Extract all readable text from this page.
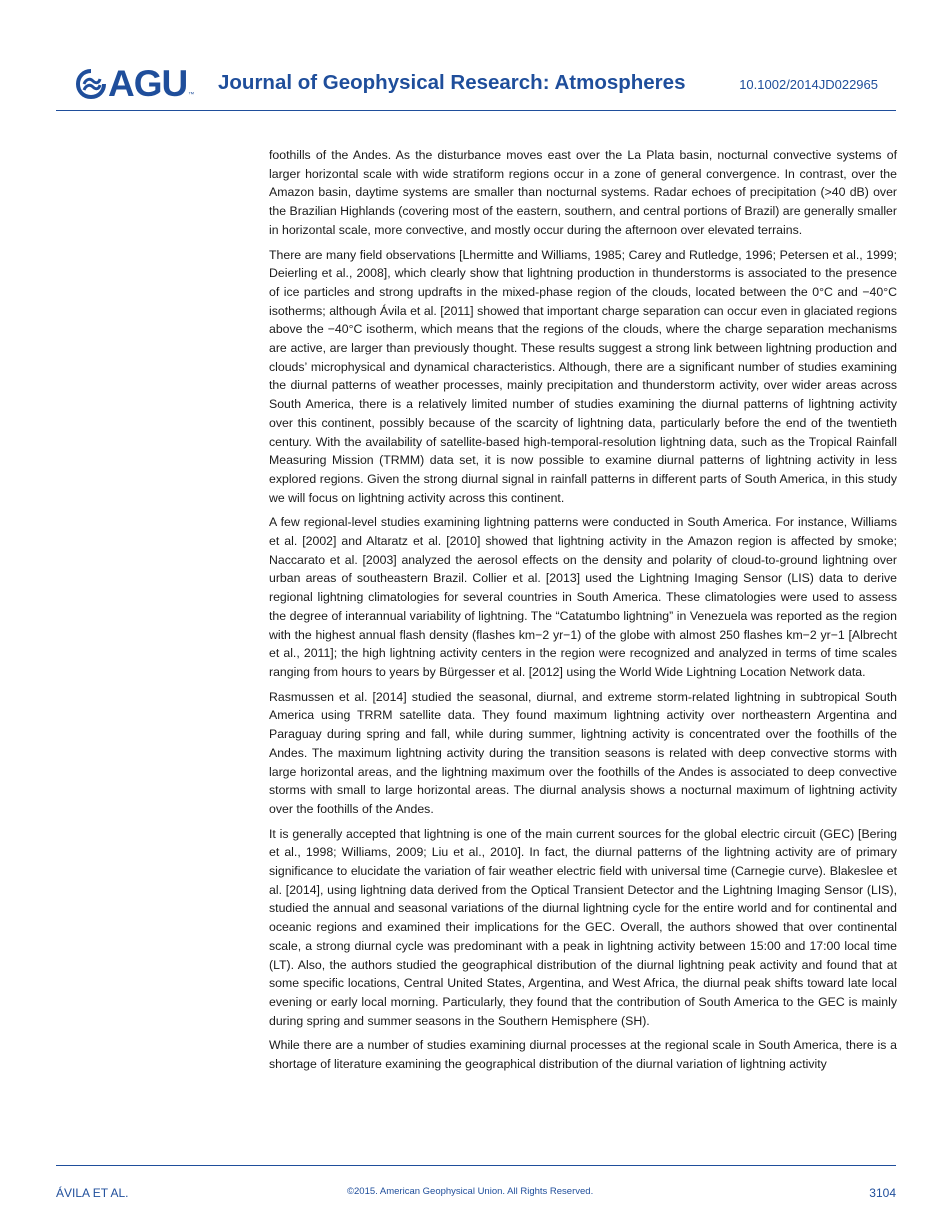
AGU ™
Journal of Geophysical Research: Atmospheres	10.1002/2014JD022965

foothills of the Andes. As the disturbance moves east over the La Plata basin, nocturnal convective systems of larger horizontal scale with wide stratiform regions occur in a zone of general convergence. In contrast, over the Amazon basin, daytime systems are smaller than nocturnal systems. Radar echoes of precipitation (>40 dB) over the Brazilian Highlands (covering most of the eastern, southern, and central portions of Brazil) are generally smaller in horizontal scale, more convective, and mostly occur during the afternoon over elevated terrains.

There are many field observations [Lhermitte and Williams, 1985; Carey and Rutledge, 1996; Petersen et al., 1999; Deierling et al., 2008], which clearly show that lightning production in thunderstorms is associated to the presence of ice particles and strong updrafts in the mixed-phase region of the clouds, located between the 0°C and −40°C isotherms; although Ávila et al. [2011] showed that important charge separation can occur even in glaciated regions above the −40°C isotherm, which means that the regions of the clouds, where the charge separation mechanisms are active, are larger than previously thought. These results suggest a strong link between lightning production and clouds’ microphysical and dynamical characteristics. Although, there are a significant number of studies examining the diurnal patterns of weather processes, mainly precipitation and thunderstorm activity, over wider areas across South America, there is a relatively limited number of studies examining the diurnal patterns of lightning activity over this continent, possibly because of the scarcity of lightning data, particularly before the end of the twentieth century. With the availability of satellite-based high-temporal-resolution lightning data, such as the Tropical Rainfall Measuring Mission (TRMM) data set, it is now possible to examine diurnal patterns of lightning activity in less explored regions. Given the strong diurnal signal in rainfall patterns in different parts of South America, in this study we will focus on lightning activity across this continent.

A few regional-level studies examining lightning patterns were conducted in South America. For instance, Williams et al. [2002] and Altaratz et al. [2010] showed that lightning activity in the Amazon region is affected by smoke; Naccarato et al. [2003] analyzed the aerosol effects on the density and polarity of cloud-to-ground lightning over urban areas of southeastern Brazil. Collier et al. [2013] used the Lightning Imaging Sensor (LIS) data to derive regional lightning climatologies for several countries in South America. These climatologies were used to assess the degree of interannual variability of lightning. The “Catatumbo lightning” in Venezuela was reported as the region with the highest annual flash density (flashes km−2 yr−1) of the globe with almost 250 flashes km−2 yr−1 [Albrecht et al., 2011]; the high lightning activity centers in the region were recognized and analyzed in terms of time scales ranging from hours to years by Bürgesser et al. [2012] using the World Wide Lightning Location Network data.

Rasmussen et al. [2014] studied the seasonal, diurnal, and extreme storm-related lightning in subtropical South America using TRRM satellite data. They found maximum lightning activity over northeastern Argentina and Paraguay during spring and fall, while during summer, lightning activity is concentrated over the foothills of the Andes. The maximum lightning activity during the transition seasons is related with deep convective storms with large horizontal areas, and the lightning maximum over the foothills of the Andes is associated to deep convective storms with small to large horizontal areas. The diurnal analysis shows a nocturnal maximum of lightning activity over the foothills of the Andes.

It is generally accepted that lightning is one of the main current sources for the global electric circuit (GEC) [Bering et al., 1998; Williams, 2009; Liu et al., 2010]. In fact, the diurnal patterns of the lightning activity are of primary significance to elucidate the variation of fair weather electric field with universal time (Carnegie curve). Blakeslee et al. [2014], using lightning data derived from the Optical Transient Detector and the Lightning Imaging Sensor (LIS), studied the annual and seasonal variations of the diurnal lightning cycle for the entire world and for continental and oceanic regions and examined their implications for the GEC. Overall, the authors showed that over continental scale, a strong diurnal cycle was predominant with a peak in lightning activity between 15:00 and 17:00 local time (LT). Also, the authors studied the geographical distribution of the diurnal lightning peak activity and found that at some specific locations, Central United States, Argentina, and West Africa, the diurnal peak shifts toward late local evening or early local morning. Particularly, they found that the contribution of South America to the GEC is mainly during spring and summer seasons in the Southern Hemisphere (SH).

While there are a number of studies examining diurnal processes at the regional scale in South America, there is a shortage of literature examining the geographical distribution of the diurnal variation of lightning activity

ÁVILA ET AL.	©2015. American Geophysical Union. All Rights Reserved.	3104
